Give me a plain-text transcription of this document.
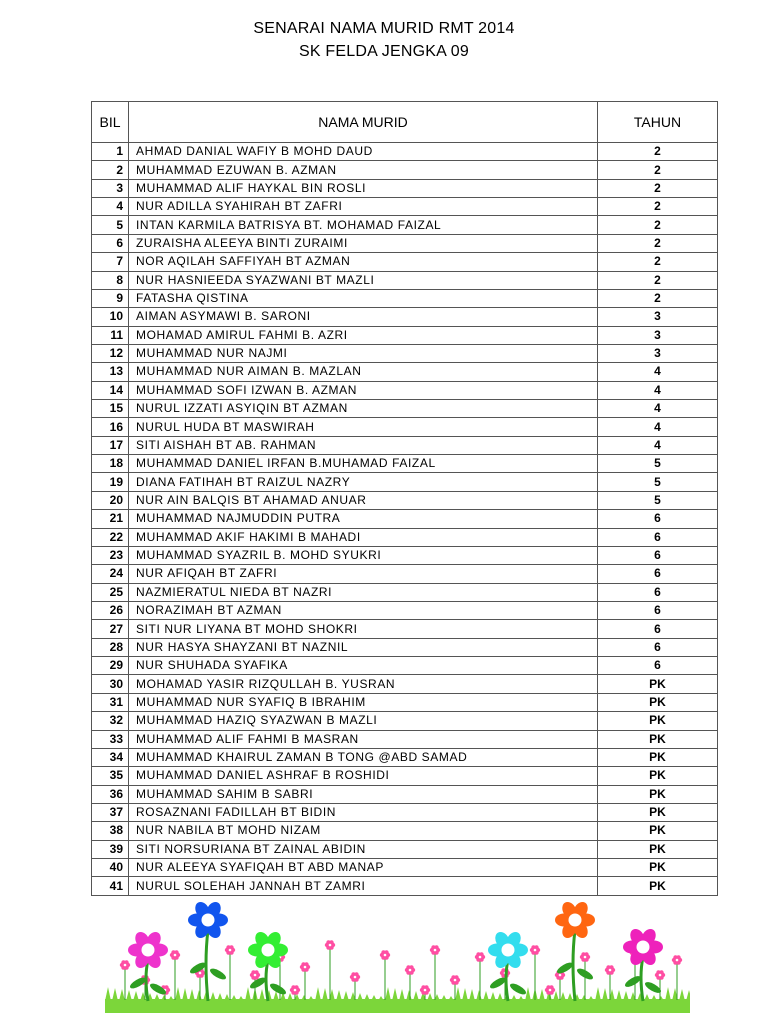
SENARAI NAMA MURID RMT 2014
SK FELDA JENGKA 09
BIL	NAMA MURID	TAHUN
1	AHMAD DANIAL WAFIY B MOHD DAUD	2
2	MUHAMMAD EZUWAN B. AZMAN	2
3	MUHAMMAD ALIF HAYKAL BIN ROSLI	2
4	NUR ADILLA SYAHIRAH BT ZAFRI	2
5	INTAN KARMILA BATRISYA BT. MOHAMAD FAIZAL	2
6	ZURAISHA ALEEYA BINTI ZURAIMI	2
7	NOR AQILAH SAFFIYAH BT AZMAN	2
8	NUR HASNIEEDA SYAZWANI BT MAZLI	2
9	FATASHA QISTINA	2
10	AIMAN ASYMAWI B. SARONI	3
11	MOHAMAD AMIRUL FAHMI B. AZRI	3
12	MUHAMMAD NUR NAJMI	3
13	MUHAMMAD NUR AIMAN B. MAZLAN	4
14	MUHAMMAD SOFI IZWAN B. AZMAN	4
15	NURUL IZZATI ASYIQIN BT AZMAN	4
16	NURUL HUDA BT MASWIRAH	4
17	SITI AISHAH BT AB. RAHMAN	4
18	MUHAMMAD DANIEL IRFAN B.MUHAMAD FAIZAL	5
19	DIANA FATIHAH BT RAIZUL NAZRY	5
20	NUR AIN BALQIS BT AHAMAD ANUAR	5
21	MUHAMMAD NAJMUDDIN PUTRA	6
22	MUHAMMAD AKIF HAKIMI B MAHADI	6
23	MUHAMMAD SYAZRIL B. MOHD SYUKRI	6
24	NUR AFIQAH BT ZAFRI	6
25	NAZMIERATUL NIEDA BT NAZRI	6
26	NORAZIMAH BT AZMAN	6
27	SITI NUR LIYANA BT MOHD SHOKRI	6
28	NUR HASYA SHAYZANI BT NAZNIL	6
29	NUR SHUHADA SYAFIKA	6
30	MOHAMAD YASIR RIZQULLAH B. YUSRAN	PK
31	MUHAMMAD NUR SYAFIQ B IBRAHIM	PK
32	MUHAMMAD HAZIQ SYAZWAN B MAZLI	PK
33	MUHAMMAD ALIF FAHMI B MASRAN	PK
34	MUHAMMAD KHAIRUL ZAMAN B TONG @ABD SAMAD	PK
35	MUHAMMAD DANIEL ASHRAF B ROSHIDI	PK
36	MUHAMMAD SAHIM B SABRI	PK
37	ROSAZNANI FADILLAH BT BIDIN	PK
38	NUR NABILA BT MOHD NIZAM	PK
39	SITI NORSURIANA BT ZAINAL ABIDIN	PK
40	NUR ALEEYA SYAFIQAH BT ABD MANAP	PK
41	NURUL SOLEHAH JANNAH BT ZAMRI	PK
